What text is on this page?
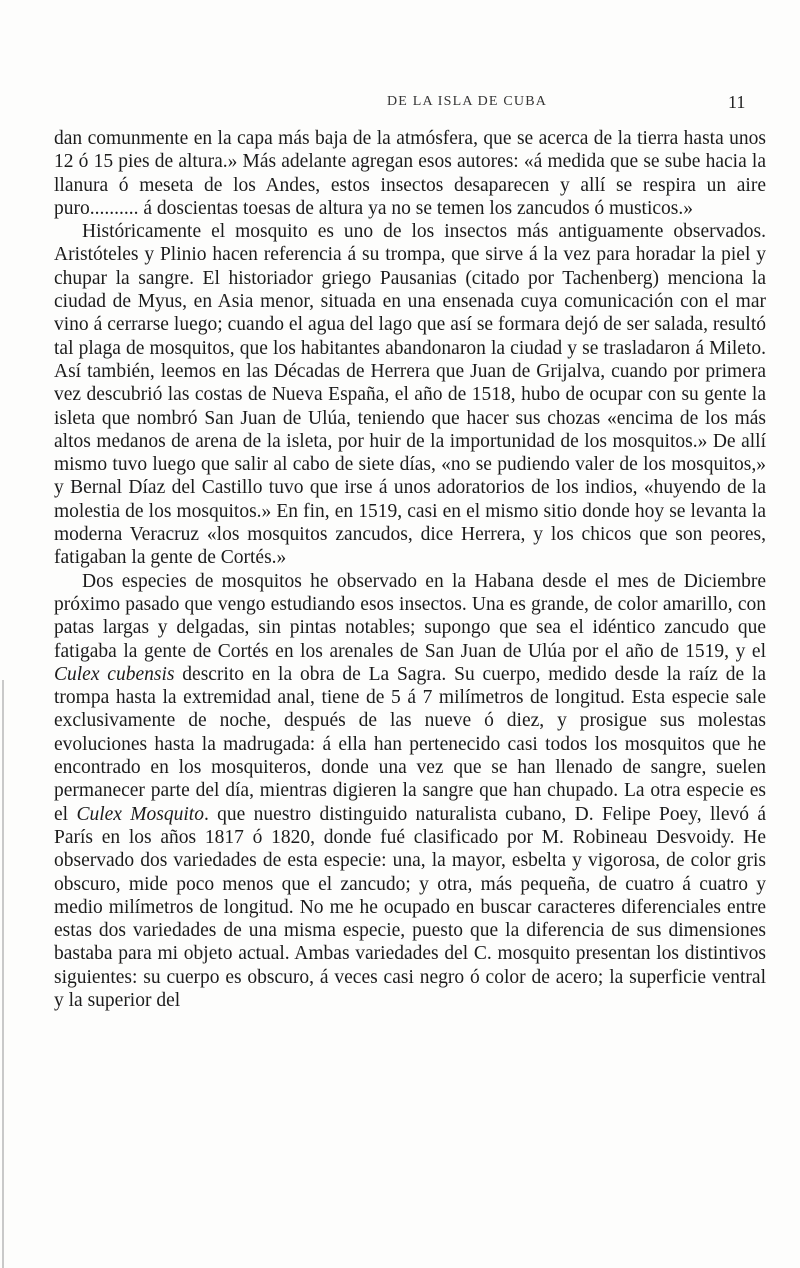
DE LA ISLA DE CUBA	11

dan comunmente en la capa más baja de la atmósfera, que se acerca de la tierra hasta unos 12 ó 15 pies de altura.» Más adelante agregan esos autores: «á medida que se sube hacia la llanura ó meseta de los Andes, estos insectos desaparecen y allí se respira un aire puro.......... á doscientas toesas de altura ya no se temen los zancudos ó musticos.»

Históricamente el mosquito es uno de los insectos más antiguamente observados. Aristóteles y Plinio hacen referencia á su trompa, que sirve á la vez para horadar la piel y chupar la sangre. El historiador griego Pausanias (citado por Tachenberg) menciona la ciudad de Myus, en Asia menor, situada en una ensenada cuya comunicación con el mar vino á cerrarse luego; cuando el agua del lago que así se formara dejó de ser salada, resultó tal plaga de mosquitos, que los habitantes abandonaron la ciudad y se trasladaron á Mileto. Así también, leemos en las Décadas de Herrera que Juan de Grijalva, cuando por primera vez descubrió las costas de Nueva España, el año de 1518, hubo de ocupar con su gente la isleta que nombró San Juan de Ulúa, teniendo que hacer sus chozas «encima de los más altos medanos de arena de la isleta, por huir de la importunidad de los mosquitos.» De allí mismo tuvo luego que salir al cabo de siete días, «no se pudiendo valer de los mosquitos,» y Bernal Díaz del Castillo tuvo que irse á unos adoratorios de los indios, «huyendo de la molestia de los mosquitos.» En fin, en 1519, casi en el mismo sitio donde hoy se levanta la moderna Veracruz «los mosquitos zancudos, dice Herrera, y los chicos que son peores, fatigaban la gente de Cortés.»

Dos especies de mosquitos he observado en la Habana desde el mes de Diciembre próximo pasado que vengo estudiando esos insectos. Una es grande, de color amarillo, con patas largas y delgadas, sin pintas notables; supongo que sea el idéntico zancudo que fatigaba la gente de Cortés en los arenales de San Juan de Ulúa por el año de 1519, y el Culex cubensis descrito en la obra de La Sagra. Su cuerpo, medido desde la raíz de la trompa hasta la extremidad anal, tiene de 5 á 7 milímetros de longitud. Esta especie sale exclusivamente de noche, después de las nueve ó diez, y prosigue sus molestas evoluciones hasta la madrugada: á ella han pertenecido casi todos los mosquitos que he encontrado en los mosquiteros, donde una vez que se han llenado de sangre, suelen permanecer parte del día, mientras digieren la sangre que han chupado. La otra especie es el Culex Mosquito. que nuestro distinguido naturalista cubano, D. Felipe Poey, llevó á París en los años 1817 ó 1820, donde fué clasificado por M. Robineau Desvoidy. He observado dos variedades de esta especie: una, la mayor, esbelta y vigorosa, de color gris obscuro, mide poco menos que el zancudo; y otra, más pequeña, de cuatro á cuatro y medio milímetros de longitud. No me he ocupado en buscar caracteres diferenciales entre estas dos variedades de una misma especie, puesto que la diferencia de sus dimensiones bastaba para mi objeto actual. Ambas variedades del C. mosquito presentan los distintivos siguientes: su cuerpo es obscuro, á veces casi negro ó color de acero; la superficie ventral y la superior del
